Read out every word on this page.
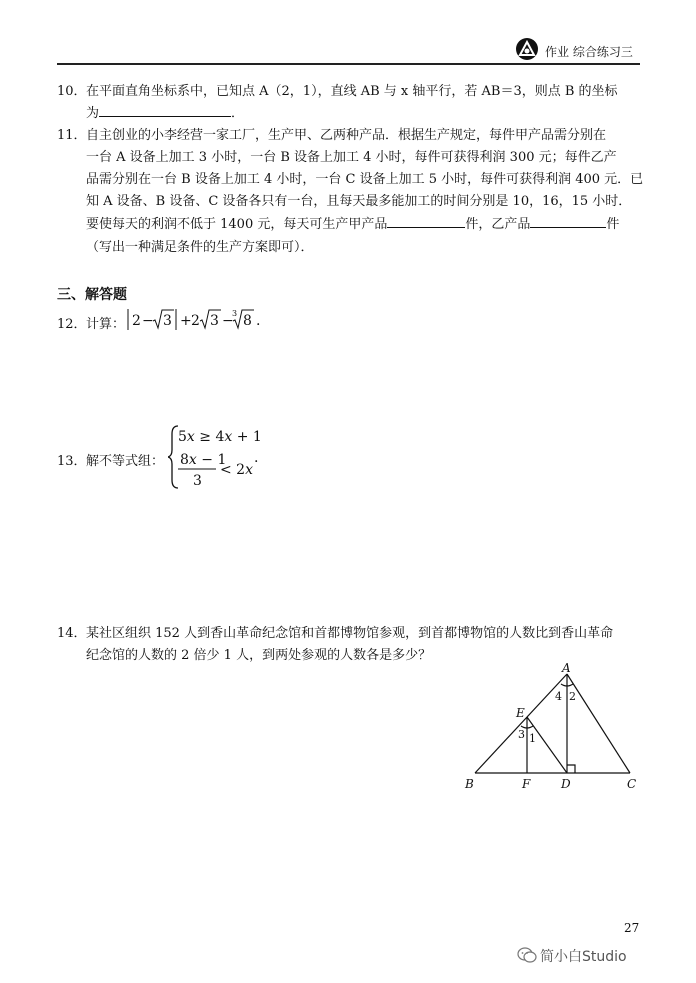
作业 综合练习三
10． 在平面直角坐标系中，已知点 A（2，1），直线 AB 与 x 轴平行，若 AB＝3，则点 B 的坐标
为	．
11． 自主创业的小李经营一家工厂，生产甲、乙两种产品．根据生产规定，每件甲产品需分别在
一台 A 设备上加工 3 小时，一台 B 设备上加工 4 小时，每件可获得利润 300 元；每件乙产
品需分别在一台 B 设备上加工 4 小时，一台 C 设备上加工 5 小时，每件可获得利润 400 元．已
知 A 设备、B 设备、C 设备各只有一台，且每天最多能加工的时间分别是 10，16，15 小时．
要使每天的利润不低于 1400 元，每天可生产甲产品	件，乙产品	件
（写出一种满足条件的生产方案即可）．
三、解答题
12． 计算： 2 − 3 + 2 3 −
3 8 .
13． 解不等式组：
5x ≥ 4x + 1
8x − 1
3
< 2x
.
14． 某社区组织 152 人到香山革命纪念馆和首都博物馆参观，到首都博物馆的人数比到香山革命
纪念馆的人数的 2 倍少 1 人，到两处参观的人数各是多少？
A
B	C
D
E
F
4 2
3 1
27
简小白Studio
